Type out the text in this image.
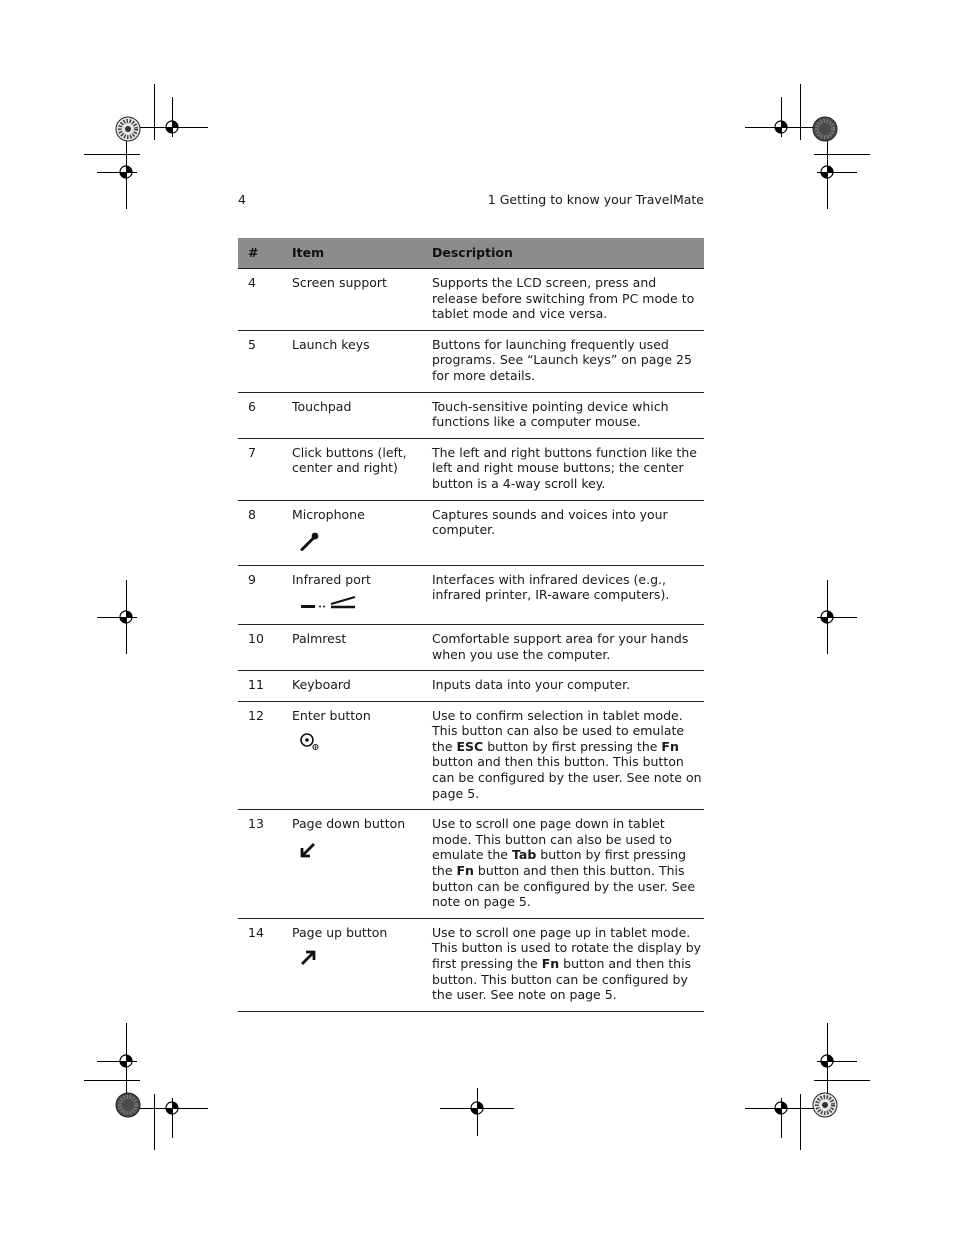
4	1 Getting to know your TravelMate
#	Item	Description
4	Screen support	Supports the LCD screen, press and release before switching from PC mode to tablet mode and vice versa.
5	Launch keys	Buttons for launching frequently used programs. See “Launch keys” on page 25 for more details.
6	Touchpad	Touch-sensitive pointing device which functions like a computer mouse.
7	Click buttons (left, center and right)	The left and right buttons function like the left and right mouse buttons; the center button is a 4-way scroll key.
8	Microphone	Captures sounds and voices into your computer.
9	Infrared port	Interfaces with infrared devices (e.g., infrared printer, IR-aware computers).
10	Palmrest	Comfortable support area for your hands when you use the computer.
11	Keyboard	Inputs data into your computer.
12	Enter button	Use to confirm selection in tablet mode. This button can also be used to emulate the ESC button by first pressing the Fn button and then this button. This button can be configured by the user. See note on page 5.
13	Page down button	Use to scroll one page down in tablet mode. This button can also be used to emulate the Tab button by first pressing the Fn button and then this button. This button can be configured by the user. See note on page 5.
14	Page up button	Use to scroll one page up in tablet mode. This button is used to rotate the display by first pressing the Fn button and then this button. This button can be configured by the user. See note on page 5.
